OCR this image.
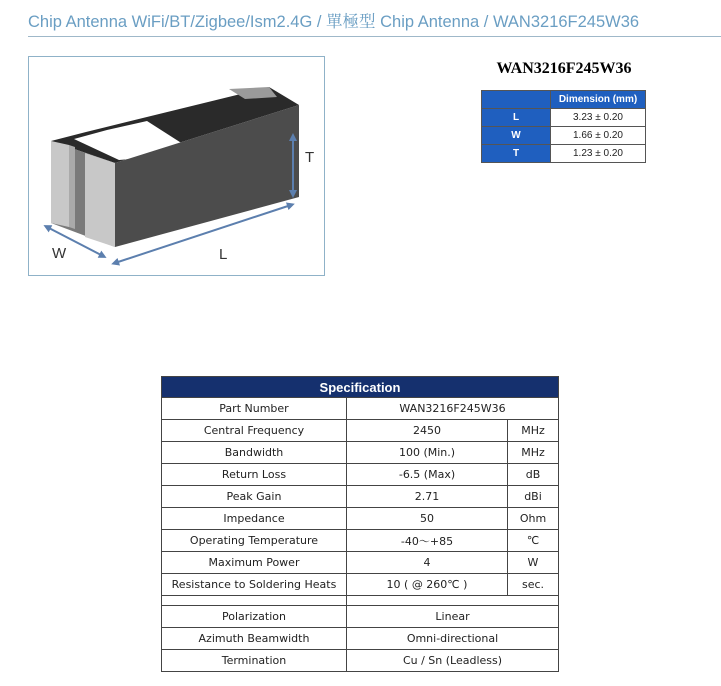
Chip Antenna WiFi/BT/Zigbee/Ism2.4G / 單極型 Chip Antenna / WAN3216F245W36
T
W	L
WAN3216F245W36
	Dimension (mm)
L	3.23 ± 0.20
W	1.66 ± 0.20
T	1.23 ± 0.20
Specification		
Part Number	WAN3216F245W36	
Central Frequency	2450	MHz
Bandwidth	100 (Min.)	MHz
Return Loss	-6.5 (Max)	dB
Peak Gain	2.71	dBi
Impedance	50	Ohm
Operating Temperature	-40～+85	℃
Maximum Power	4	W
Resistance to Soldering Heats	10 ( @ 260℃ )	sec.

Polarization	Linear	
Azimuth Beamwidth	Omni-directional	
Termination	Cu / Sn (Leadless)	
